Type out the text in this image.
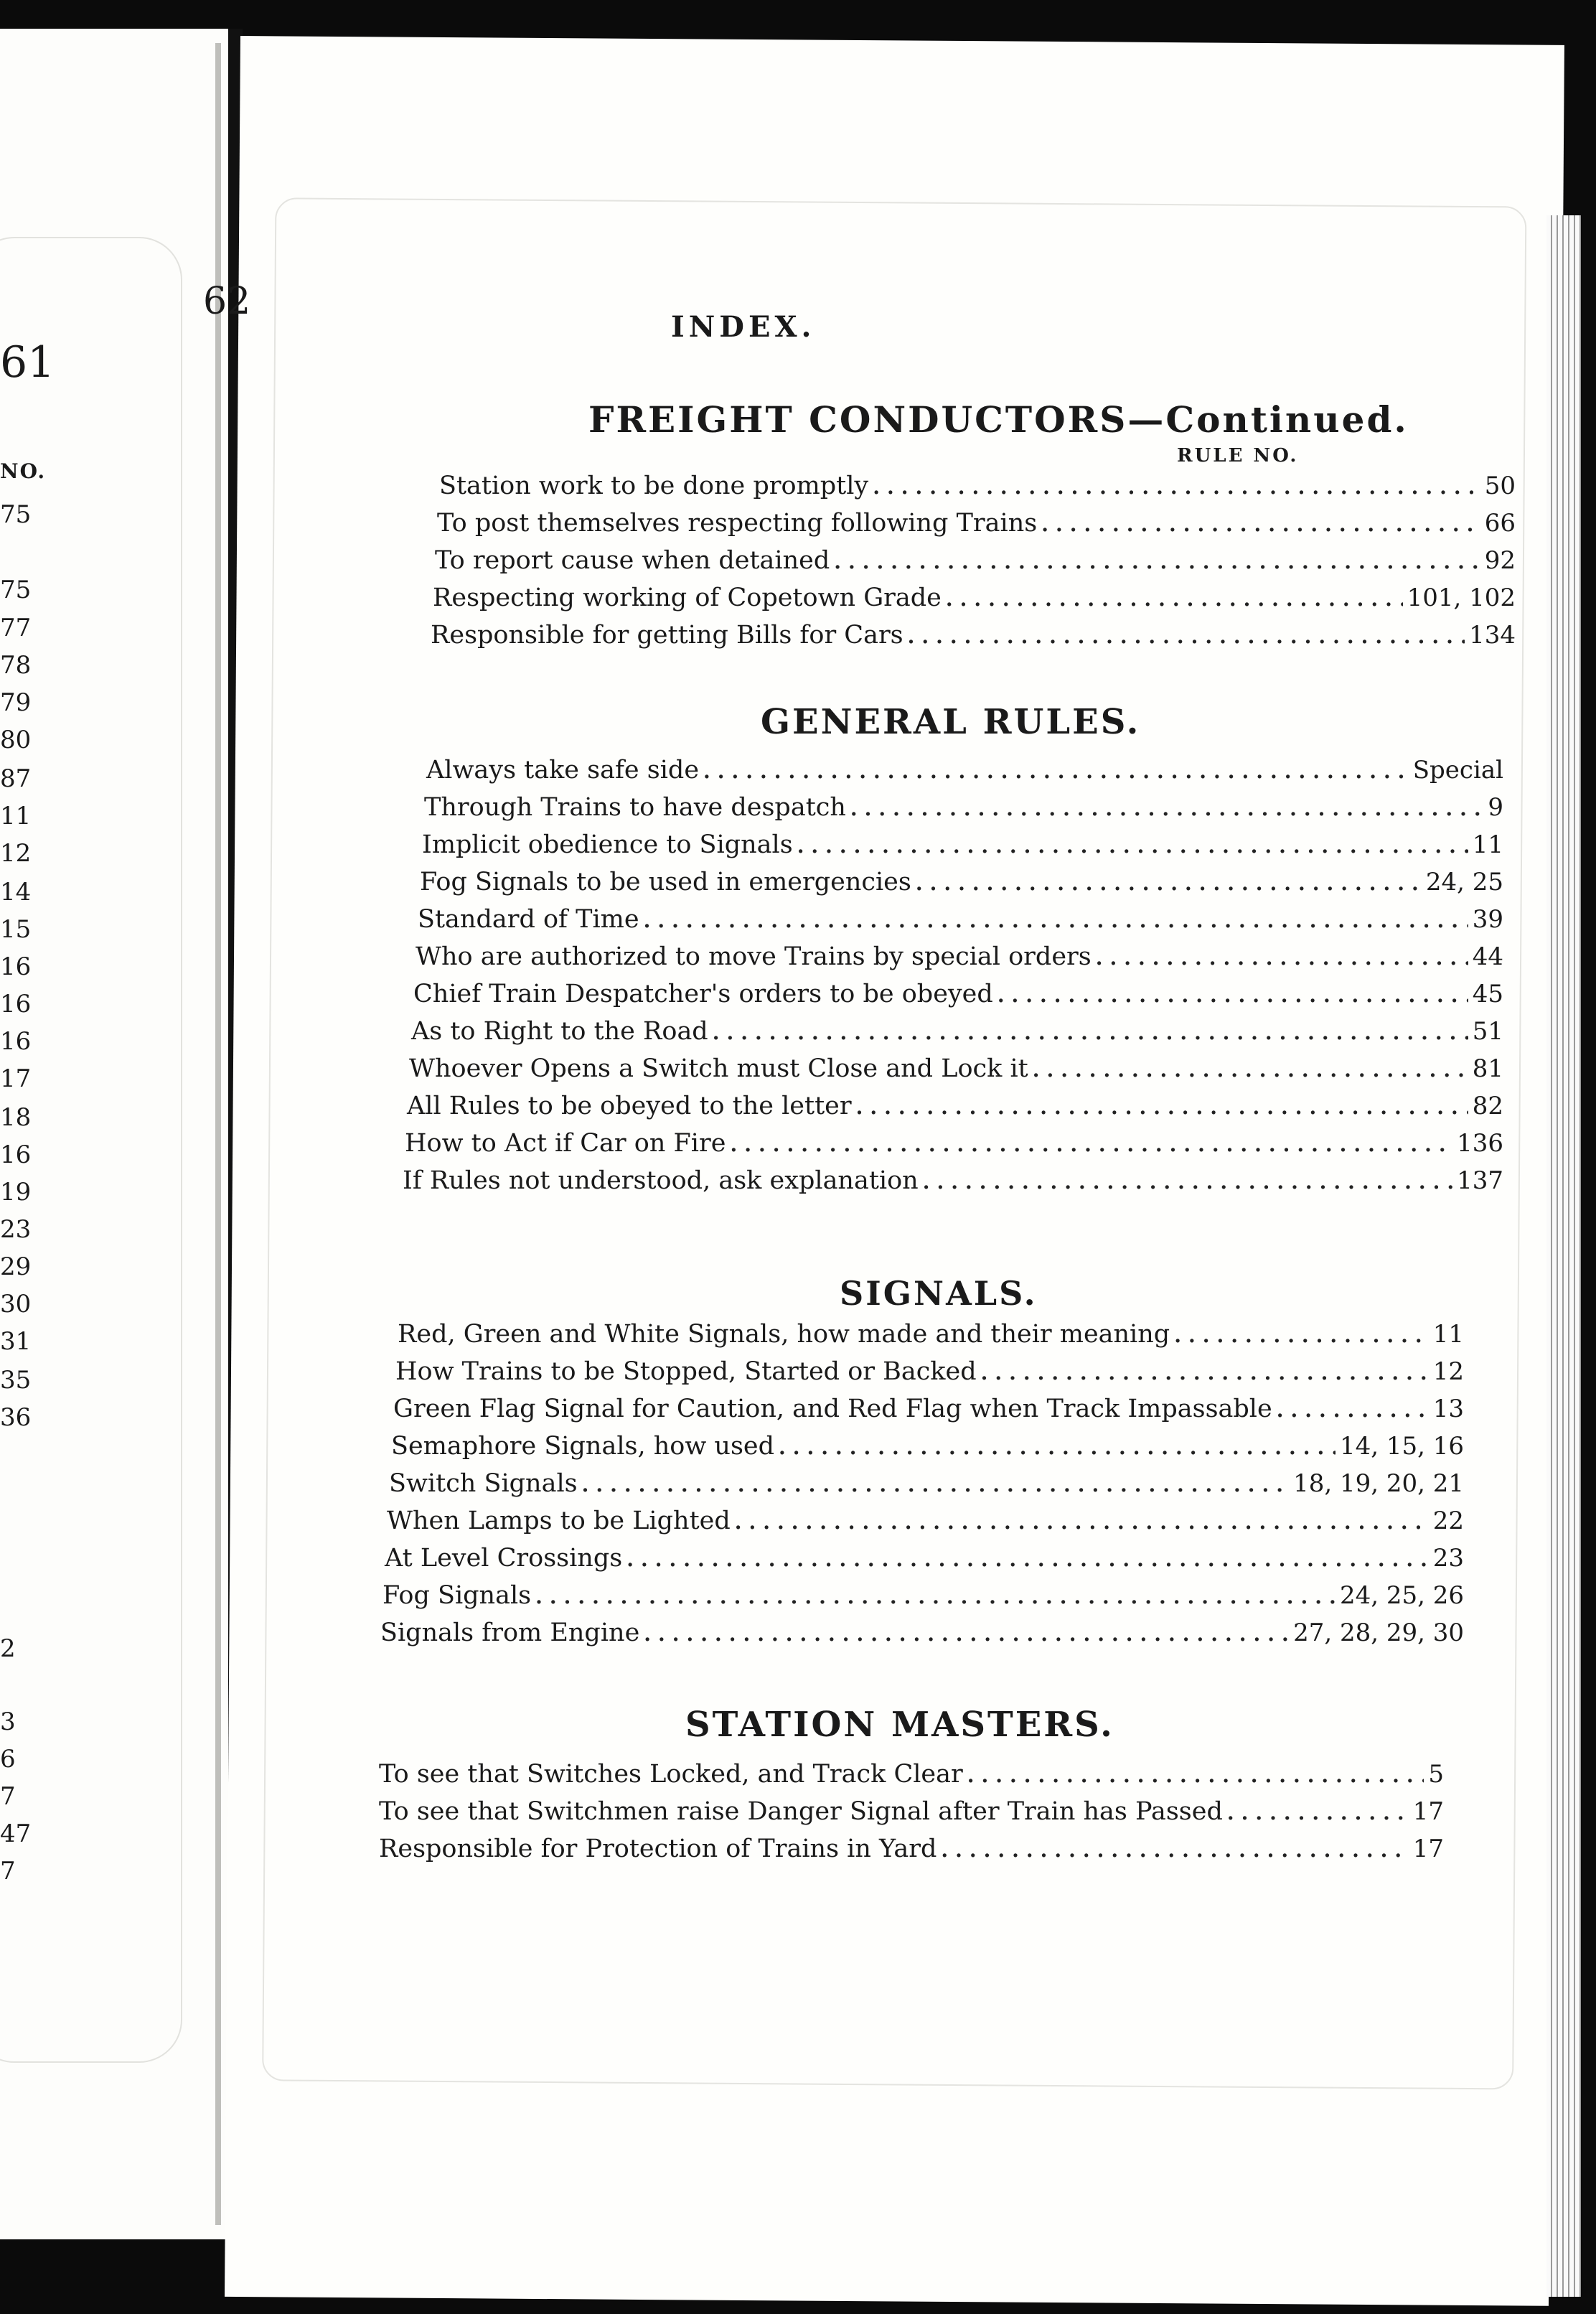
61
NO.
75
75
77
78
79
80
87
11
12
14
15
16
16
16
17
18
16
19
23
29
30
31
35
36
2
3
6
7
47
7
62
INDEX.
RULE NO.
FREIGHT CONDUCTORS—Continued.
Station work to be done promptly .....	50
To post themselves respecting following Trains .....	66
To report cause when detained .....	92
Respecting working of Copetown Grade .....	101, 102
Responsible for getting Bills for Cars .....	134
GENERAL RULES.
Always take safe side .....	Special
Through Trains to have despatch .....	9
Implicit obedience to Signals .....	11
Fog Signals to be used in emergencies .....	24, 25
Standard of Time .....	39
Who are authorized to move Trains by special orders .....	44
Chief Train Despatcher's orders to be obeyed .....	45
As to Right to the Road .....	51
Whoever Opens a Switch must Close and Lock it .....	81
All Rules to be obeyed to the letter .....	82
How to Act if Car on Fire .....	136
If Rules not understood, ask explanation .....	137
SIGNALS.
Red, Green and White Signals, how made and their meaning .....	11
How Trains to be Stopped, Started or Backed .....	12
Green Flag Signal for Caution, and Red Flag when Track Impassable .....	13
Semaphore Signals, how used .....	14, 15, 16
Switch Signals .....	18, 19, 20, 21
When Lamps to be Lighted .....	22
At Level Crossings .....	23
Fog Signals .....	24, 25, 26
Signals from Engine .....	27, 28, 29, 30
STATION MASTERS.
To see that Switches Locked, and Track Clear .....	5
To see that Switchmen raise Danger Signal after Train has Passed .....	17
Responsible for Protection of Trains in Yard .....	17
